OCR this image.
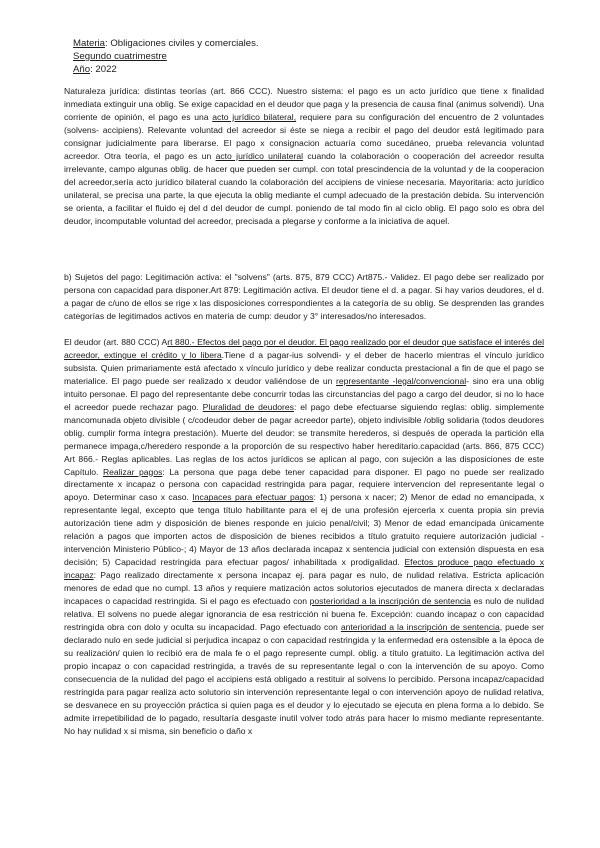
Materia: Obligaciones civiles y comerciales.
Segundo cuatrimestre
Año: 2022

Naturaleza jurídica: distintas teorías (art. 866 CCC). Nuestro sistema: el pago es un acto jurídico que tiene x finalidad inmediata extinguir una oblig. Se exige capacidad en el deudor que paga y la presencia de causa final (animus solvendi). Una corriente de opinión, el pago es una acto jurídico bilateral, requiere para su configuración del encuentro de 2 voluntades (solvens- accipiens). Relevante voluntad del acreedor si éste se niega a recibir el pago del deudor está legitimado para consignar judicialmente para liberarse. El pago x consignacion actuaría como sucedáneo, prueba relevancia voluntad acreedor. Otra teoría, el pago es un acto jurídico unilateral cuando la colaboración o cooperación del acreedor resulta irrelevante, campo algunas oblig. de hacer que pueden ser cumpl. con total prescindencia de la voluntad y de la cooperacion del acreedor,sería acto jurídico bilateral cuando la colaboración del accipiens de viniese necesaria. Mayoritaria: acto jurídico unilateral, se precisa una parte, la que ejecuta la oblig mediante el cumpl adecuado de la prestación debida. Su intervención se orienta, a facilitar el fluido ej del d del deudor de cumpl. poniendo de tal modo fin al ciclo oblig. El pago solo es obra del deudor, incomputable voluntad del acreedor, precisada a plegarse y conforme a la iniciativa de aquel.

b) Sujetos del pago: Legitimación activa: el "solvens" (arts. 875, 879 CCC) Art875.- Validez. El pago debe ser realizado por persona con capacidad para disponer.Art 879: Legitimación activa. El deudor tiene el d. a pagar. Si hay varios deudores, el d. a pagar de c/uno de ellos se rige x las disposiciones correspondientes a la categoría de su oblig. Se desprenden las grandes categorías de legitimados activos en materia de cump: deudor y 3° interesados/no interesados.

El deudor (art. 880 CCC) Art 880.- Efectos del pago por el deudor. El pago realizado por el deudor que satisface el interés del acreedor, extingue el crédito y lo libera.Tiene d a pagar-ius solvendi- y el deber de hacerlo mientras el vínculo jurídico subsista. Quien primariamente está afectado x vínculo jurídico y debe realizar conducta prestacional a fin de que el pago se materialice. El pago puede ser realizado x deudor valiéndose de un representante -legal/convencional- sino era una oblig intuito personae. El pago del representante debe concurrir todas las circunstancias del pago a cargo del deudor, si no lo hace el acreedor puede rechazar pago. Pluralidad de deudores: el pago debe efectuarse siguiendo reglas: oblig. simplemente mancomunada objeto divisible ( c/codeudor deber de pagar acreedor parte), objeto indivisible /oblig solidaria (todos deudores oblig. cumplir forma íntegra prestación). Muerte del deudor: se transmite herederos, si después de operada la partición ella permanece impaga,c/heredero responde a la proporción de su respectivo haber hereditario.capacidad (arts. 866, 875 CCC) Art 866.- Reglas aplicables. Las reglas de los actos jurídicos se aplican al pago, con sujeción a las disposiciones de este Capítulo. Realizar pagos: La persona que paga debe tener capacidad para disponer. El pago no puede ser realizado directamente x incapaz o persona con capacidad restringida para pagar, requiere intervencion del representante legal o apoyo. Determinar caso x caso. Incapaces para efectuar pagos: 1) persona x nacer; 2) Menor de edad no emancipada, x representante legal, excepto que tenga título habilitante para el ej de una profesión ejercerla x cuenta propia sin previa autorización tiene adm y disposición de bienes responde en juicio penal/civil; 3) Menor de edad emancipada únicamente relación a pagos que importen actos de disposición de bienes recibidos a título gratuito requiere autorización judicial - intervención Ministerio Público-; 4) Mayor de 13 años declarada incapaz x sentencia judicial con extensión dispuesta en esa decisión; 5) Capacidad restringida para efectuar pagos/ inhabilitada x prodigalidad. Efectos produce pago efectuado x incapaz: Pago realizado directamente x persona incapaz ej. para pagar es nulo, de nulidad relativa. Estricta aplicación menores de edad que no cumpl. 13 años y requiere matización actos solutorios ejecutados de manera directa x declaradas incapaces o capacidad restringida. Si el pago es efectuado con posterioridad a la inscripción de sentencia es nulo de nulidad relativa. El solvens no puede alegar ignorancia de esa restricción ni buena fe. Excepción: cuando incapaz o con capacidad restringida obra con dolo y oculta su incapacidad. Pago efectuado con anterioridad a la inscripción de sentencia, puede ser declarado nulo en sede judicial si perjudica incapaz o con capacidad restringida y la enfermedad era ostensible a la época de su realización/ quien lo recibió era de mala fe o el pago represente cumpl. oblig. a título gratuito. La legitimación activa del propio incapaz o con capacidad restringida, a través de su representante legal o con la intervención de su apoyo. Como consecuencia de la nulidad del pago el accipiens está obligado a restituir al solvens lo percibido. Persona incapaz/capacidad restringida para pagar realiza acto solutorio sin intervención representante legal o con intervención apoyo de nulidad relativa, se desvanece en su proyección práctica si quien paga es el deudor y lo ejecutado se ejecuta en plena forma a lo debido. Se admite irrepetibilidad de lo pagado, resultaría desgaste inutil volver todo atrás para hacer lo mismo mediante representante. No hay nulidad x si misma, sin beneficio o daño x
